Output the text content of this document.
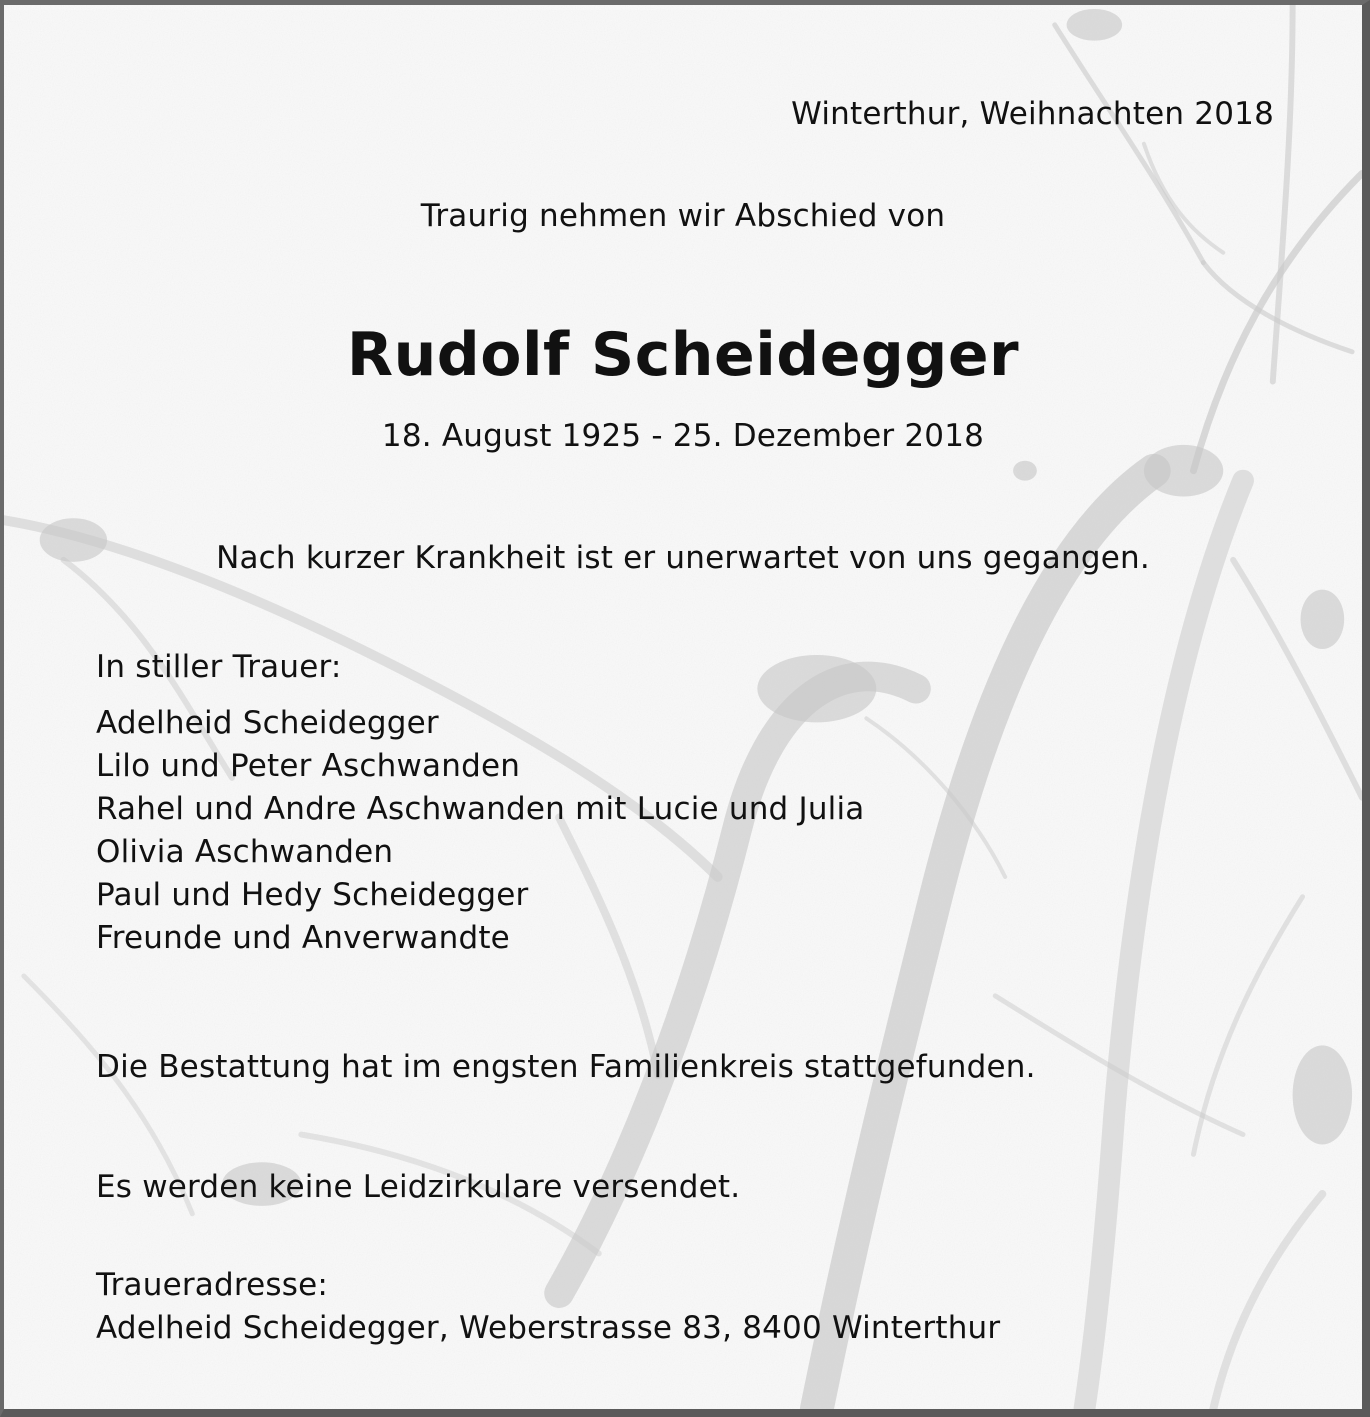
Winterthur, Weihnachten 2018

Traurig nehmen wir Abschied von

Rudolf Scheidegger

18. August 1925 - 25. Dezember 2018

Nach kurzer Krankheit ist er unerwartet von uns gegangen.

In stiller Trauer:

Adelheid Scheidegger
Lilo und Peter Aschwanden
Rahel und Andre Aschwanden mit Lucie und Julia
Olivia Aschwanden
Paul und Hedy Scheidegger
Freunde und Anverwandte

Die Bestattung hat im engsten Familienkreis stattgefunden.

Es werden keine Leidzirkulare versendet.

Traueradresse:

Adelheid Scheidegger, Weberstrasse 83, 8400 Winterthur
